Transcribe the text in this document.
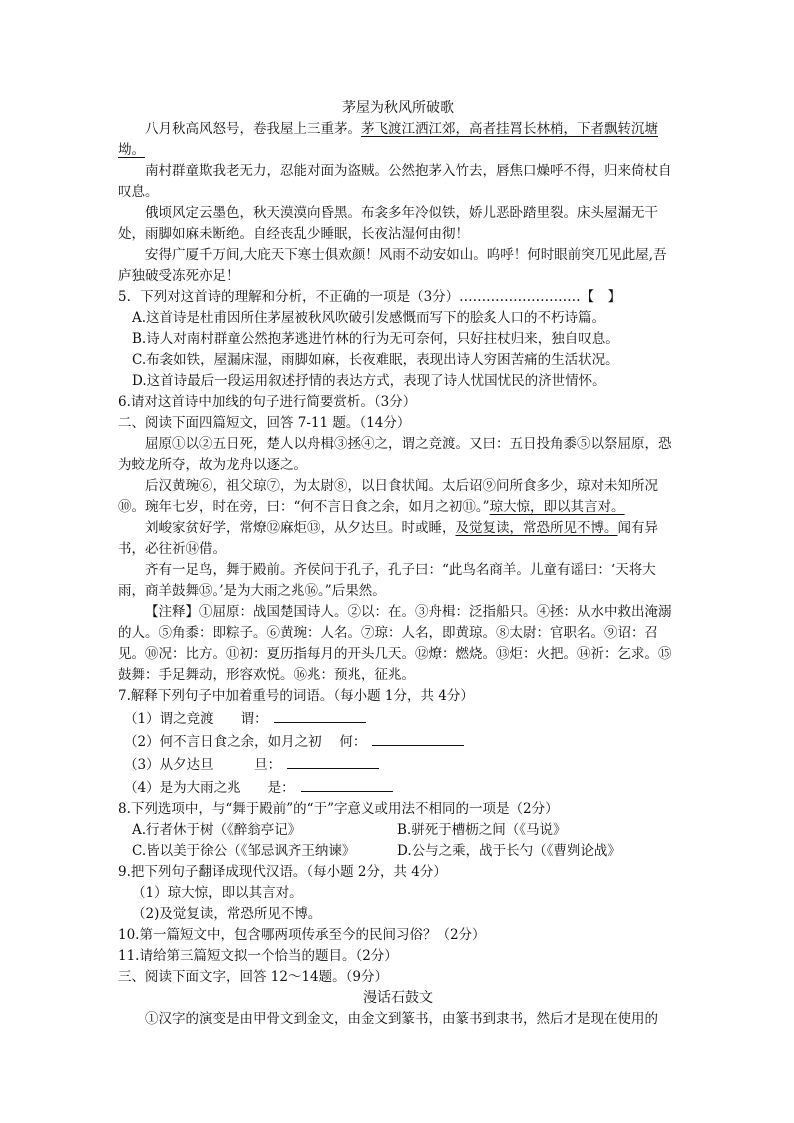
茅屋为秋风所破歌

八月秋高风怒号，卷我屋上三重茅。茅飞渡江洒江郊，高者挂罥长林梢，下者飘转沉塘坳。

南村群童欺我老无力，忍能对面为盗贼。公然抱茅入竹去，唇焦口燥呼不得，归来倚杖自叹息。

俄顷风定云墨色，秋天漠漠向昏黑。布衾多年冷似铁，娇儿恶卧踏里裂。床头屋漏无干处，雨脚如麻未断绝。自经丧乱少睡眠，长夜沾湿何由彻！

安得广厦千万间,大庇天下寒士俱欢颜！风雨不动安如山。呜呼！何时眼前突兀见此屋,吾庐独破受冻死亦足！

5．下列对这首诗的理解和分析，不正确的一项是（3分）………………………【　】

A.这首诗是杜甫因所住茅屋被秋风吹破引发感慨而写下的脍炙人口的不朽诗篇。

B.诗人对南村群童公然抱茅逃进竹林的行为无可奈何，只好拄杖归来，独自叹息。

C.布衾如铁，屋漏床湿，雨脚如麻，长夜难眠，表现出诗人穷困苦痛的生活状况。

D.这首诗最后一段运用叙述抒情的表达方式，表现了诗人忧国忧民的济世情怀。

6.请对这首诗中加线的句子进行简要赏析。（3分）

二、阅读下面四篇短文，回答 7-11 题。（14分）

屈原①以②五日死，楚人以舟楫③拯④之，谓之竞渡。又曰：五日投角黍⑤以祭屈原，恐为蛟龙所夺，故为龙舟以逐之。

后汉黄琬⑥，祖父琼⑦，为太尉⑧，以日食状闻。太后诏⑨问所食多少，琼对未知所况⑩。琬年七岁，时在旁，曰：“何不言日食之余，如月之初⑪。”琼大惊，即以其言对。

刘峻家贫好学，常燎⑫麻炬⑬，从夕达旦。时或睡，及觉复读，常恐所见不博。闻有异书，必往祈⑭借。

齐有一足鸟，舞于殿前。齐侯问于孔子，孔子曰：“此鸟名商羊。儿童有谣曰：‘天将大雨，商羊鼓舞⑮。’是为大雨之兆⑯。”后果然。

【注释】①屈原：战国楚国诗人。②以：在。③舟楫：泛指船只。④拯：从水中救出淹溺的人。⑤角黍：即粽子。⑥黄琬：人名。⑦琼：人名，即黄琼。⑧太尉：官职名。⑨诏：召见。⑩况：比方。⑪初：夏历指每月的开头几天。⑫燎：燃烧。⑬炬：火把。⑭祈：乞求。⑮鼓舞：手足舞动，形容欢悦。⑯兆：预兆，征兆。

7.解释下列句子中加着重号的词语。（每小题 1分，共 4分）

（1）谓之竞渡　　谓：

（2）何不言日食之余，如月之初　 何：

（3）从夕达旦　　　旦：

（4）是为大雨之兆　　是：

8.下列选项中，与“舞于殿前”的“于”字意义或用法不相同的一项是（2分）

A.行者休于树（《醉翁亭记》	B.骈死于槽枥之间（《马说》
C.皆以美于徐公（《邹忌讽齐王纳谏》	D.公与之乘，战于长勺（《曹刿论战》

9.把下列句子翻译成现代汉语。（每小题 2分，共 4分）

（1）琼大惊，即以其言对。

（2)及觉复读，常恐所见不博。

10.第一篇短文中，包含哪两项传承至今的民间习俗？（2分）

11.请给第三篇短文拟一个恰当的题目。（2分）

三、阅读下面文字，回答 12～14题。（9分）

漫话石鼓文

①汉字的演变是由甲骨文到金文，由金文到篆书，由篆书到隶书，然后才是现在使用的
